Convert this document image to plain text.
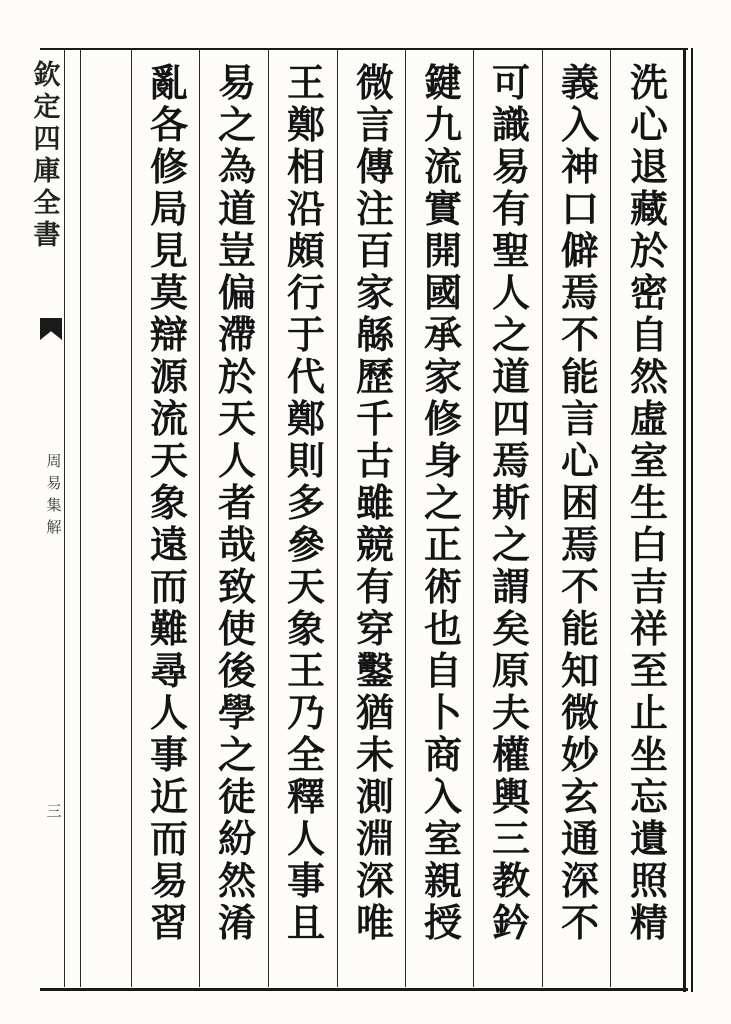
欽
定
四
庫
全
書
周
易
集
解
三
洗
心
退
藏
於
密
自
然
虛
室
生
白
吉
祥
至
止
坐
忘
遺
照
精
義
入
神
口
僻
焉
不
能
言
心
困
焉
不
能
知
微
妙
玄
通
深
不
可
識
易
有
聖
人
之
道
四
焉
斯
之
謂
矣
原
夫
權
輿
三
教
鈐
鍵
九
流
實
開
國
承
家
修
身
之
正
術
也
自
卜
商
入
室
親
授
微
言
傳
注
百
家
緜
歷
千
古
雖
競
有
穿
鑿
猶
未
測
淵
深
唯
王
鄭
相
沿
頗
行
于
代
鄭
則
多
參
天
象
王
乃
全
釋
人
事
且
易
之
為
道
豈
偏
滯
於
天
人
者
哉
致
使
後
學
之
徒
紛
然
淆
亂
各
修
局
見
莫
辯
源
流
天
象
遠
而
難
尋
人
事
近
而
易
習
